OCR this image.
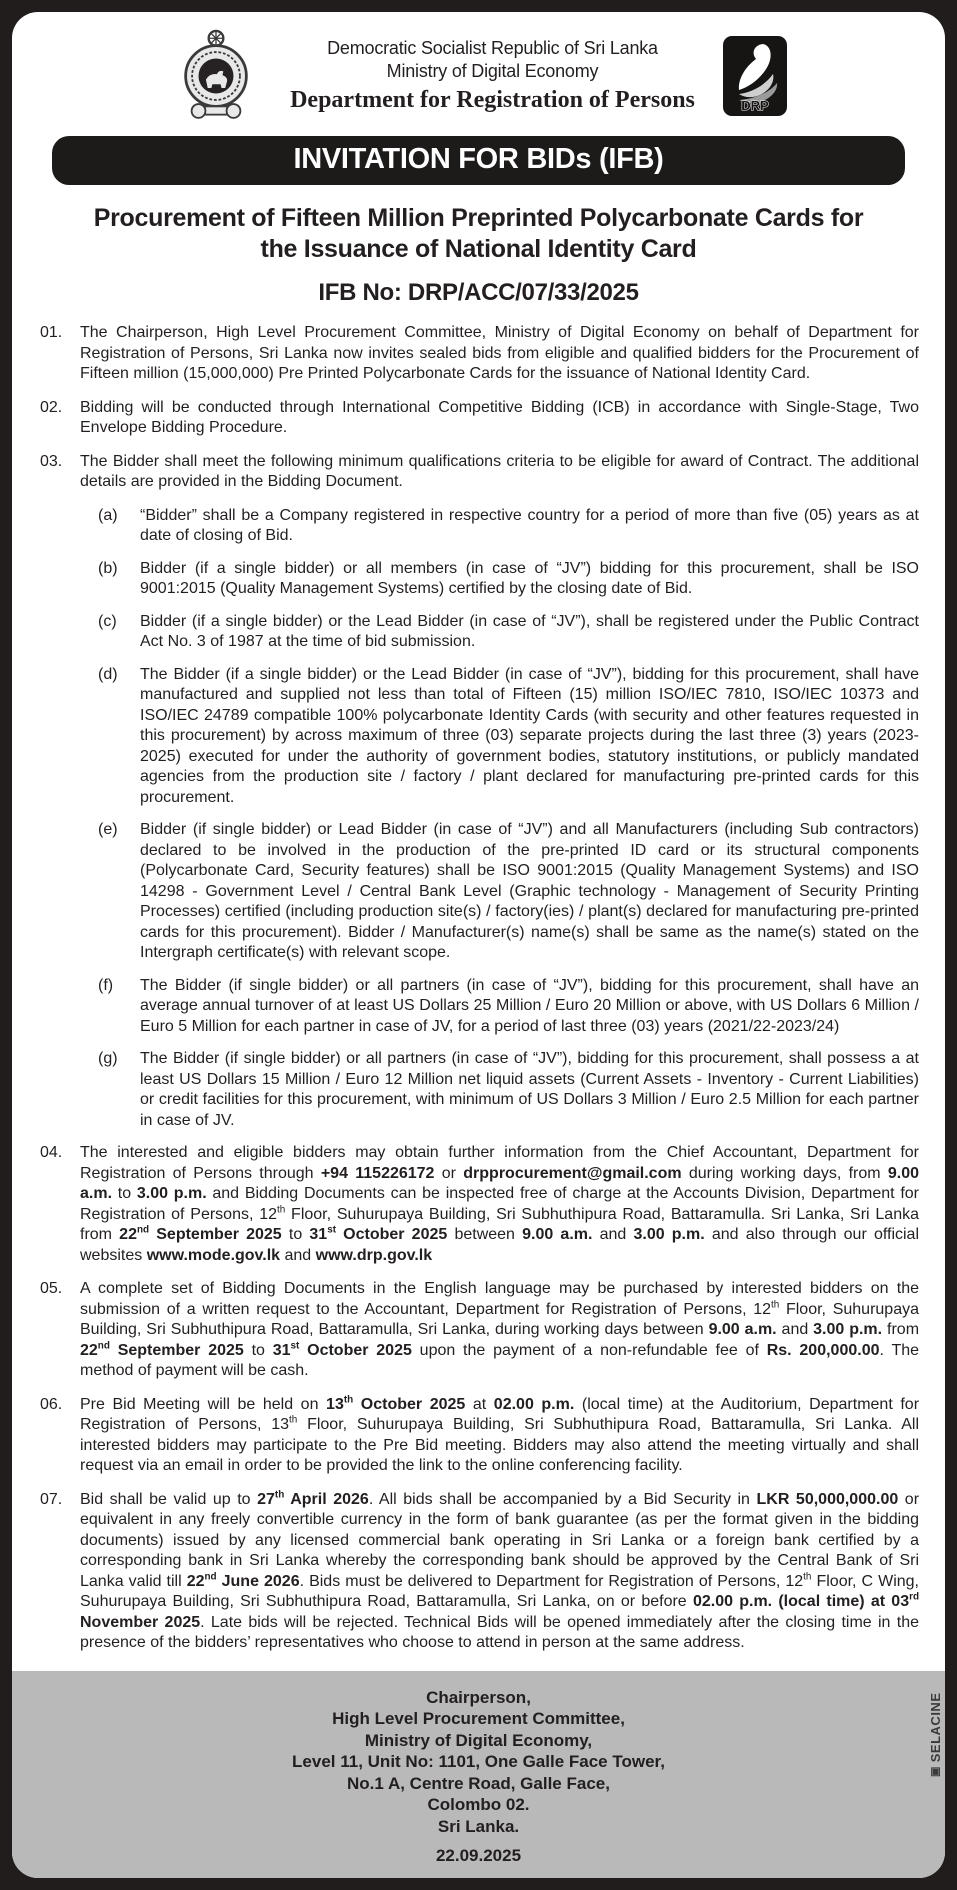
Democratic Socialist Republic of Sri Lanka
Ministry of Digital Economy
Department for Registration of Persons	DRP
INVITATION FOR BIDs (IFB)
Procurement of Fifteen Million Preprinted Polycarbonate Cards for the Issuance of National Identity Card
IFB No: DRP/ACC/07/33/2025
01. The Chairperson, High Level Procurement Committee, Ministry of Digital Economy on behalf of Department for Registration of Persons, Sri Lanka now invites sealed bids from eligible and qualified bidders for the Procurement of Fifteen million (15,000,000) Pre Printed Polycarbonate Cards for the issuance of National Identity Card.
02. Bidding will be conducted through International Competitive Bidding (ICB) in accordance with Single-Stage, Two Envelope Bidding Procedure.
03. The Bidder shall meet the following minimum qualifications criteria to be eligible for award of Contract. The additional details are provided in the Bidding Document.
(a) “Bidder” shall be a Company registered in respective country for a period of more than five (05) years as at date of closing of Bid.
(b) Bidder (if a single bidder) or all members (in case of “JV”) bidding for this procurement, shall be ISO 9001:2015 (Quality Management Systems) certified by the closing date of Bid.
(c) Bidder (if a single bidder) or the Lead Bidder (in case of “JV”), shall be registered under the Public Contract Act No. 3 of 1987 at the time of bid submission.
(d) The Bidder (if a single bidder) or the Lead Bidder (in case of “JV”), bidding for this procurement, shall have manufactured and supplied not less than total of Fifteen (15) million ISO/IEC 7810, ISO/IEC 10373 and ISO/IEC 24789 compatible 100% polycarbonate Identity Cards (with security and other features requested in this procurement) by across maximum of three (03) separate projects during the last three (3) years (2023-2025) executed for under the authority of government bodies, statutory institutions, or publicly mandated agencies from the production site / factory / plant declared for manufacturing pre-printed cards for this procurement.
(e) Bidder (if single bidder) or Lead Bidder (in case of “JV”) and all Manufacturers (including Sub contractors) declared to be involved in the production of the pre-printed ID card or its structural components (Polycarbonate Card, Security features) shall be ISO 9001:2015 (Quality Management Systems) and ISO 14298 - Government Level / Central Bank Level (Graphic technology - Management of Security Printing Processes) certified (including production site(s) / factory(ies) / plant(s) declared for manufacturing pre-printed cards for this procurement). Bidder / Manufacturer(s) name(s) shall be same as the name(s) stated on the Intergraph certificate(s) with relevant scope.
(f) The Bidder (if single bidder) or all partners (in case of “JV”), bidding for this procurement, shall have an average annual turnover of at least US Dollars 25 Million / Euro 20 Million or above, with US Dollars 6 Million / Euro 5 Million for each partner in case of JV, for a period of last three (03) years (2021/22-2023/24)
(g) The Bidder (if single bidder) or all partners (in case of “JV”), bidding for this procurement, shall possess a at least US Dollars 15 Million / Euro 12 Million net liquid assets (Current Assets - Inventory - Current Liabilities) or credit facilities for this procurement, with minimum of US Dollars 3 Million / Euro 2.5 Million for each partner in case of JV.
04. The interested and eligible bidders may obtain further information from the Chief Accountant, Department for Registration of Persons through +94 115226172 or drpprocurement@gmail.com during working days, from 9.00 a.m. to 3.00 p.m. and Bidding Documents can be inspected free of charge at the Accounts Division, Department for Registration of Persons, 12th Floor, Suhurupaya Building, Sri Subhuthipura Road, Battaramulla. Sri Lanka, Sri Lanka from 22nd September 2025 to 31st October 2025 between 9.00 a.m. and 3.00 p.m. and also through our official websites www.mode.gov.lk and www.drp.gov.lk
05. A complete set of Bidding Documents in the English language may be purchased by interested bidders on the submission of a written request to the Accountant, Department for Registration of Persons, 12th Floor, Suhurupaya Building, Sri Subhuthipura Road, Battaramulla, Sri Lanka, during working days between 9.00 a.m. and 3.00 p.m. from 22nd September 2025 to 31st October 2025 upon the payment of a non-refundable fee of Rs. 200,000.00. The method of payment will be cash.
06. Pre Bid Meeting will be held on 13th October 2025 at 02.00 p.m. (local time) at the Auditorium, Department for Registration of Persons, 13th Floor, Suhurupaya Building, Sri Subhuthipura Road, Battaramulla, Sri Lanka. All interested bidders may participate to the Pre Bid meeting. Bidders may also attend the meeting virtually and shall request via an email in order to be provided the link to the online conferencing facility.
07. Bid shall be valid up to 27th April 2026. All bids shall be accompanied by a Bid Security in LKR 50,000,000.00 or equivalent in any freely convertible currency in the form of bank guarantee (as per the format given in the bidding documents) issued by any licensed commercial bank operating in Sri Lanka or a foreign bank certified by a corresponding bank in Sri Lanka whereby the corresponding bank should be approved by the Central Bank of Sri Lanka valid till 22nd June 2026. Bids must be delivered to Department for Registration of Persons, 12th Floor, C Wing, Suhurupaya Building, Sri Subhuthipura Road, Battaramulla, Sri Lanka, on or before 02.00 p.m. (local time) at 03rd November 2025. Late bids will be rejected. Technical Bids will be opened immediately after the closing time in the presence of the bidders’ representatives who choose to attend in person at the same address.
Chairperson,
High Level Procurement Committee,
Ministry of Digital Economy,
Level 11, Unit No: 1101, One Galle Face Tower,
No.1 A, Centre Road, Galle Face,
Colombo 02.
Sri Lanka.
22.09.2025
▣
SELACINE
